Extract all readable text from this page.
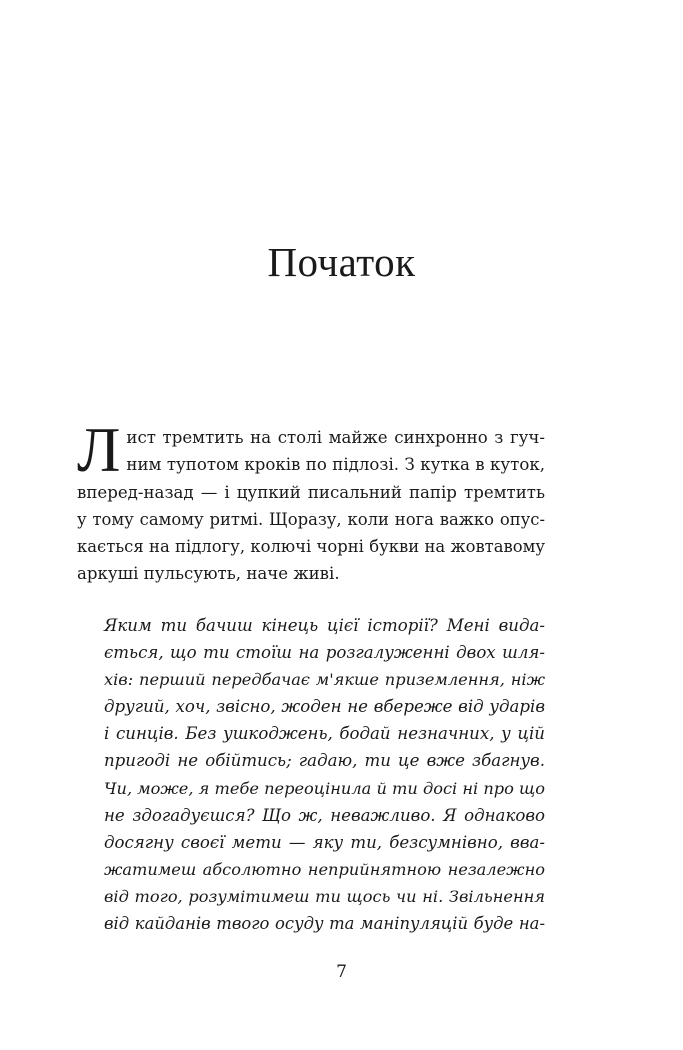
Початок
Л ист тремтить на столі майже синхронно з гуч-
ним тупотом кроків по підлозі. З кутка в куток,
вперед-назад — і цупкий писальний папір тремтить
у тому самому ритмі. Щоразу, коли нога важко опус-
кається на підлогу, колючі чорні букви на жовтавому
аркуші пульсують, наче живі.
Яким ти бачиш кінець цієї історії? Мені вида-
ється, що ти стоїш на розгалуженні двох шля-
хів: перший передбачає м'якше приземлення, ніж
другий, хоч, звісно, жоден не вбереже від ударів
і синців. Без ушкоджень, бодай незначних, у цій
пригоді не обійтись; гадаю, ти це вже збагнув.
Чи, може, я тебе переоцінила й ти досі ні про що
не здогадуєшся? Що ж, неважливо. Я однаково
досягну своєї мети — яку ти, безсумнівно, вва-
жатимеш абсолютно неприйнятною незалежно
від того, розумітимеш ти щось чи ні. Звільнення
від кайданів твого осуду та маніпуляцій буде на-
7
